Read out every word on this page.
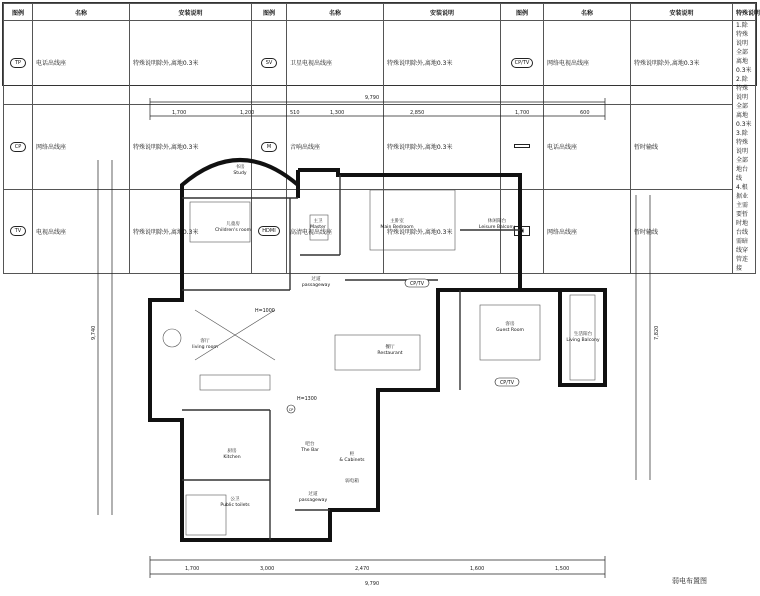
图例	名称	安装说明	图例	名称	安装说明	图例	名称	安装说明	特殊说明
TP	电话出线座	特殊说明除外,离地0.3米	SV	卫星电视出线座	特殊说明除外,离地0.3米	CP/TV	网络电视出线座	特殊说明除外,离地0.3米	1.除特殊说明全部离地0.3米
2.除特殊说明全部离地0.3米
3.除特殊说明全部地台线
4.根据业主需要暂时地台线
需暗线穿管连接

CP	网络出线座	特殊说明除外,离地0.3米	M	音响出线座	特殊说明除外,离地0.3米		电话出线座	暂时输线	
TV	电视出线座	特殊说明除外,离地0.3米	HDMI	高清电视出线座	特殊说明除外,离地0.3米	▣	网络出线座	暂时输线	
9,790
1,700	1,200	510	1,300	2,850	1,700	600
9,790
1,700	3,000	2,470	1,600	1,500
9,740	7,820
书房
Study
儿童房
Children's room
主卫
Master
主卧室
Main Bedroom
休闲阳台
Leisure Balcony
过道
passageway
客房
Guest Room
生活阳台
Living Balcony
客厅
living room	餐厅
Restaurant
厨房
Kitchen
吧台
The Bar
柜
& Cabinets
公卫
Public toilets
过道
passageway
弱电箱
H=1000
H=1300
CP/TV
CP/TV
CP
弱电布置图
